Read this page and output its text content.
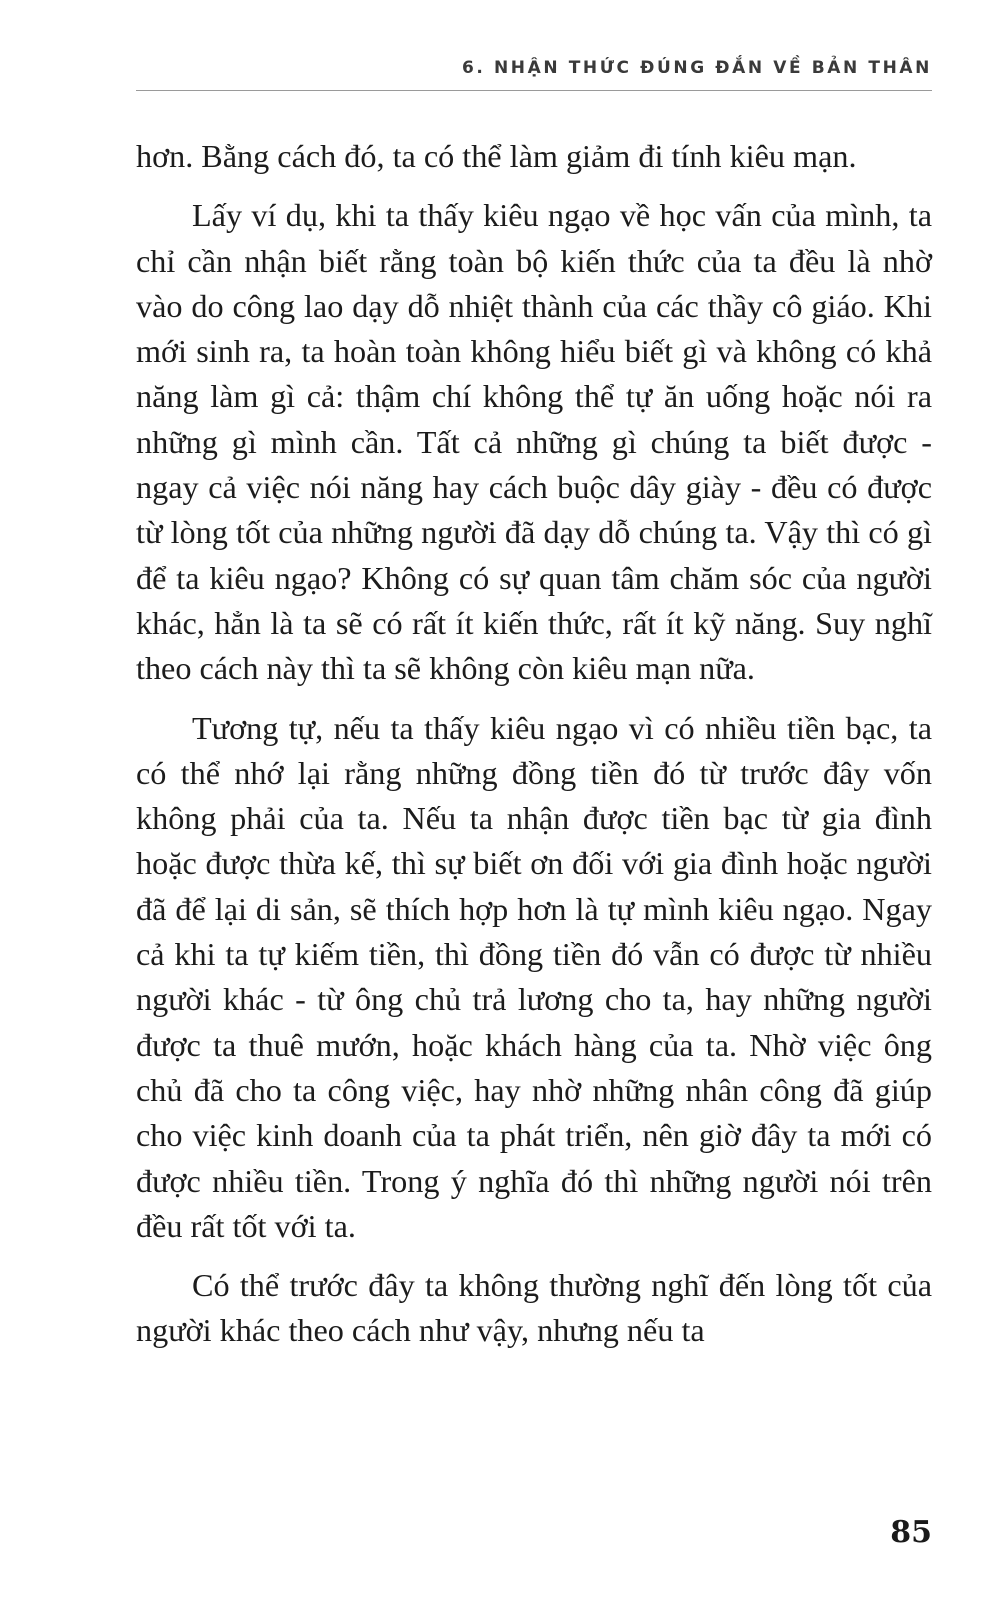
6. NHẬN THỨC ĐÚNG ĐẮN VỀ BẢN THÂN

hơn. Bằng cách đó, ta có thể làm giảm đi tính kiêu mạn.

Lấy ví dụ, khi ta thấy kiêu ngạo về học vấn của mình, ta chỉ cần nhận biết rằng toàn bộ kiến thức của ta đều là nhờ vào do công lao dạy dỗ nhiệt thành của các thầy cô giáo. Khi mới sinh ra, ta hoàn toàn không hiểu biết gì và không có khả năng làm gì cả: thậm chí không thể tự ăn uống hoặc nói ra những gì mình cần. Tất cả những gì chúng ta biết được - ngay cả việc nói năng hay cách buộc dây giày - đều có được từ lòng tốt của những người đã dạy dỗ chúng ta. Vậy thì có gì để ta kiêu ngạo? Không có sự quan tâm chăm sóc của người khác, hẳn là ta sẽ có rất ít kiến thức, rất ít kỹ năng. Suy nghĩ theo cách này thì ta sẽ không còn kiêu mạn nữa.

Tương tự, nếu ta thấy kiêu ngạo vì có nhiều tiền bạc, ta có thể nhớ lại rằng những đồng tiền đó từ trước đây vốn không phải của ta. Nếu ta nhận được tiền bạc từ gia đình hoặc được thừa kế, thì sự biết ơn đối với gia đình hoặc người đã để lại di sản, sẽ thích hợp hơn là tự mình kiêu ngạo. Ngay cả khi ta tự kiếm tiền, thì đồng tiền đó vẫn có được từ nhiều người khác - từ ông chủ trả lương cho ta, hay những người được ta thuê mướn, hoặc khách hàng của ta. Nhờ việc ông chủ đã cho ta công việc, hay nhờ những nhân công đã giúp cho việc kinh doanh của ta phát triển, nên giờ đây ta mới có được nhiều tiền. Trong ý nghĩa đó thì những người nói trên đều rất tốt với ta.

Có thể trước đây ta không thường nghĩ đến lòng tốt của người khác theo cách như vậy, nhưng nếu ta

85
